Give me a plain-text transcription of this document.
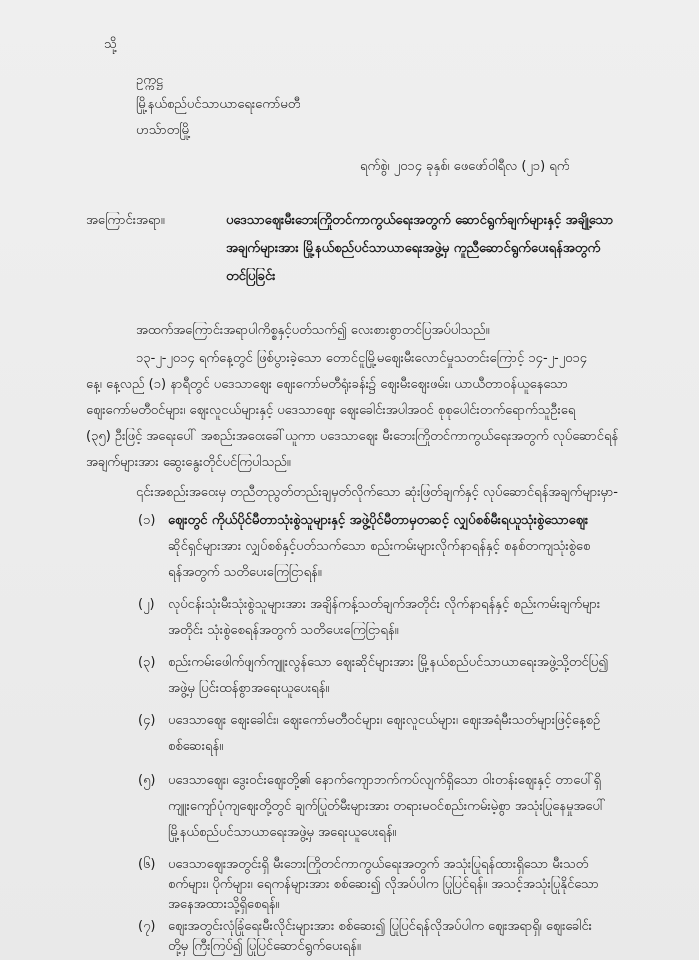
သို့
ဥက္ကဋ္ဌ
မြို့နယ်စည်ပင်သာယာရေးကော်မတီ
ဟသ်ာတမြို့
ရက်စွဲ၊ ၂၀၁၄ ခုနှစ်၊ ဖေဖော်ဝါရီလ (၂၁) ရက်
အကြောင်းအရာ။	ပဒေသာဈေးမီးဘေးကြိုတင်ကာကွယ်ရေးအတွက် ဆောင်ရွက်ချက်များနှင့် အချို့သော
အချက်များအား မြို့နယ်စည်ပင်သာယာရေးအဖွဲ့မှ ကူညီဆောင်ရွက်ပေးရန်အတွက်
တင်ပြခြင်း
အထက်အကြောင်းအရာပါကိစ္စနှင့်ပတ်သက်၍ လေးစားစွာတင်ပြအပ်ပါသည်။
၁၃-၂-၂၀၁၄ ရက်နေ့တွင် ဖြစ်ပွားခဲ့သော တောင်ငူမြို့မဈေးမီးလောင်မှုသတင်းကြောင့် ၁၄-၂-၂၀၁၄
နေ့၊ နေ့လည် (၁) နာရီတွင် ပဒေသာဈေး ဈေးကော်မတီရုံးခန်း၌ ဈေးမီးဈေးဖမ်း၊ ယာယီတာဝန်ယူနေသော
ဈေးကော်မတီဝင်များ၊ ဈေးလူငယ်များနှင့် ပဒေသာဈေး ဈေးခေါင်းအပါအဝင် စုစုပေါင်းတက်ရောက်သူဦးရေ
(၃၅) ဦးဖြင့် အရေးပေါ် အစည်းအဝေးခေါ်ယူကာ ပဒေသာဈေး မီးဘေးကြိုတင်ကာကွယ်ရေးအတွက် လုပ်ဆောင်ရန်
အချက်များအား ဆွေးနွေးတိုင်ပင်ကြပါသည်။
၎င်းအစည်းအဝေးမှ တညီတညွတ်တည်းချမှတ်လိုက်သော ဆုံးဖြတ်ချက်နှင့် လုပ်ဆောင်ရန်အချက်များမှာ-
(၁) ဈေးတွင် ကိုယ်ပိုင်မီတာသုံးစွဲသူများနှင့် အဖွဲ့ပိုင်မီတာမှတဆင့် လျှပ်စစ်မီးရယူသုံးစွဲသောဈေး
ဆိုင်ရှင်များအား လျှပ်စစ်နှင့်ပတ်သက်သော စည်းကမ်းများလိုက်နာရန်နှင့် စနစ်တကျသုံးစွဲစေ
ရန်အတွက် သတိပေးကြေငြာရန်။
(၂) လုပ်ငန်းသုံးမီးသုံးစွဲသူများအား အချိန်ကန့်သတ်ချက်အတိုင်း လိုက်နာရန်နှင့် စည်းကမ်းချက်များ
အတိုင်း သုံးစွဲစေရန်အတွက် သတိပေးကြေငြာရန်။
(၃) စည်းကမ်းဖေါက်ဖျက်ကျူးလွန်သော ဈေးဆိုင်များအား မြို့နယ်စည်ပင်သာယာရေးအဖွဲ့သို့တင်ပြ၍
အဖွဲ့မှ ပြင်းထန်စွာအရေးယူပေးရန်။
(၄) ပဒေသာဈေး ဈေးခေါင်း၊ ဈေးကော်မတီဝင်များ၊ ဈေးလူငယ်များ၊ ဈေးအရံမီးသတ်များဖြင့်နေ့စဉ်
စစ်ဆေးရန်။
(၅) ပဒေသာဈေး၊ ဒွေးဝင်းဈေးတို့၏ နောက်ကျောဘက်ကပ်လျက်ရှိသော ဝါးတန်းဈေးနှင့် တာပေါ်ရှိ
ကျူးကျော်ပုံကျဈေးတို့တွင် ချက်ပြုတ်မီးများအား တရားမဝင်စည်းကမ်းမဲ့စွာ အသုံးပြုနေမှုအပေါ်
မြို့နယ်စည်ပင်သာယာရေးအဖွဲ့မှ အရေးယူပေးရန်။
(၆) ပဒေသာဈေးအတွင်းရှိ မီးဘေးကြိုတင်ကာကွယ်ရေးအတွက် အသုံးပြုရန်ထားရှိသော မီးသတ်
စက်များ၊ ပိုက်များ၊ ရေကန်များအား စစ်ဆေး၍ လိုအပ်ပါက ပြုပြင်ရန်။ အသင့်အသုံးပြုနိုင်သော
အနေအထားသို့ရှိစေရန်။
(၇) ဈေးအတွင်းလုံခြုံရေးမီးလိုင်းများအား စစ်ဆေး၍ ပြုပြင်ရန်လိုအပ်ပါက ဈေးအရာရှိ၊ ဈေးခေါင်း
တို့မှ ကြီးကြပ်၍ ပြုပြင်ဆောင်ရွက်ပေးရန်။
